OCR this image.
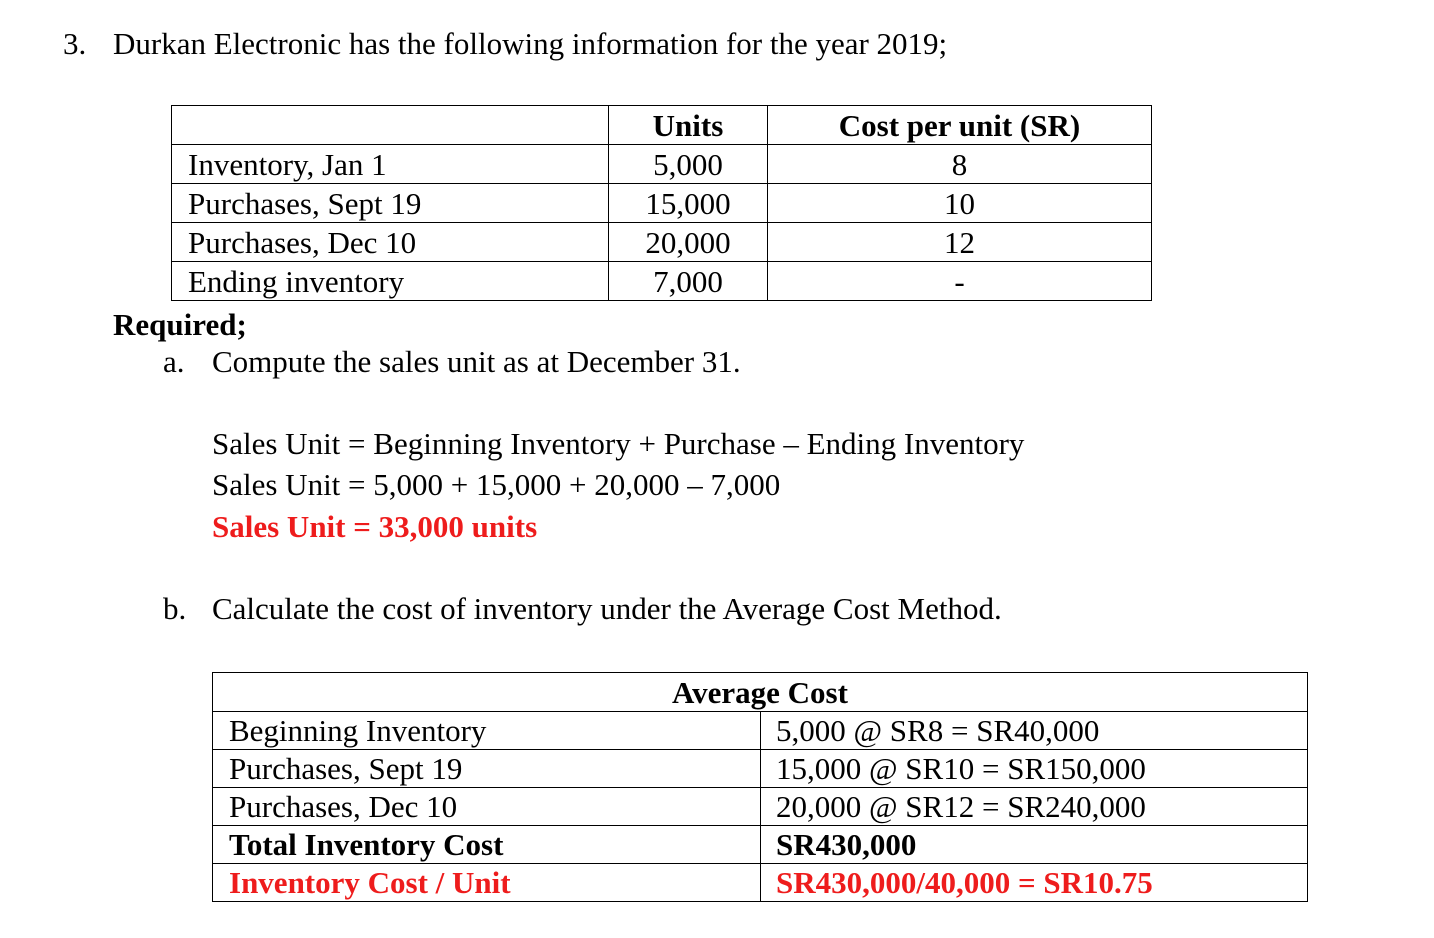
3. Durkan Electronic has the following information for the year 2019;
	Units	Cost per unit (SR)
Inventory, Jan 1	5,000	8
Purchases, Sept 19	15,000	10
Purchases, Dec 10	20,000	12
Ending inventory	7,000	-
Required;
a. Compute the sales unit as at December 31.
Sales Unit = Beginning Inventory + Purchase – Ending Inventory
Sales Unit = 5,000 + 15,000 + 20,000 – 7,000
Sales Unit = 33,000 units
b. Calculate the cost of inventory under the Average Cost Method.
Average Cost	
Beginning Inventory	5,000 @ SR8 = SR40,000
Purchases, Sept 19	15,000 @ SR10 = SR150,000
Purchases, Dec 10	20,000 @ SR12 = SR240,000
Total Inventory Cost	SR430,000
Inventory Cost / Unit	SR430,000/40,000 = SR10.75
